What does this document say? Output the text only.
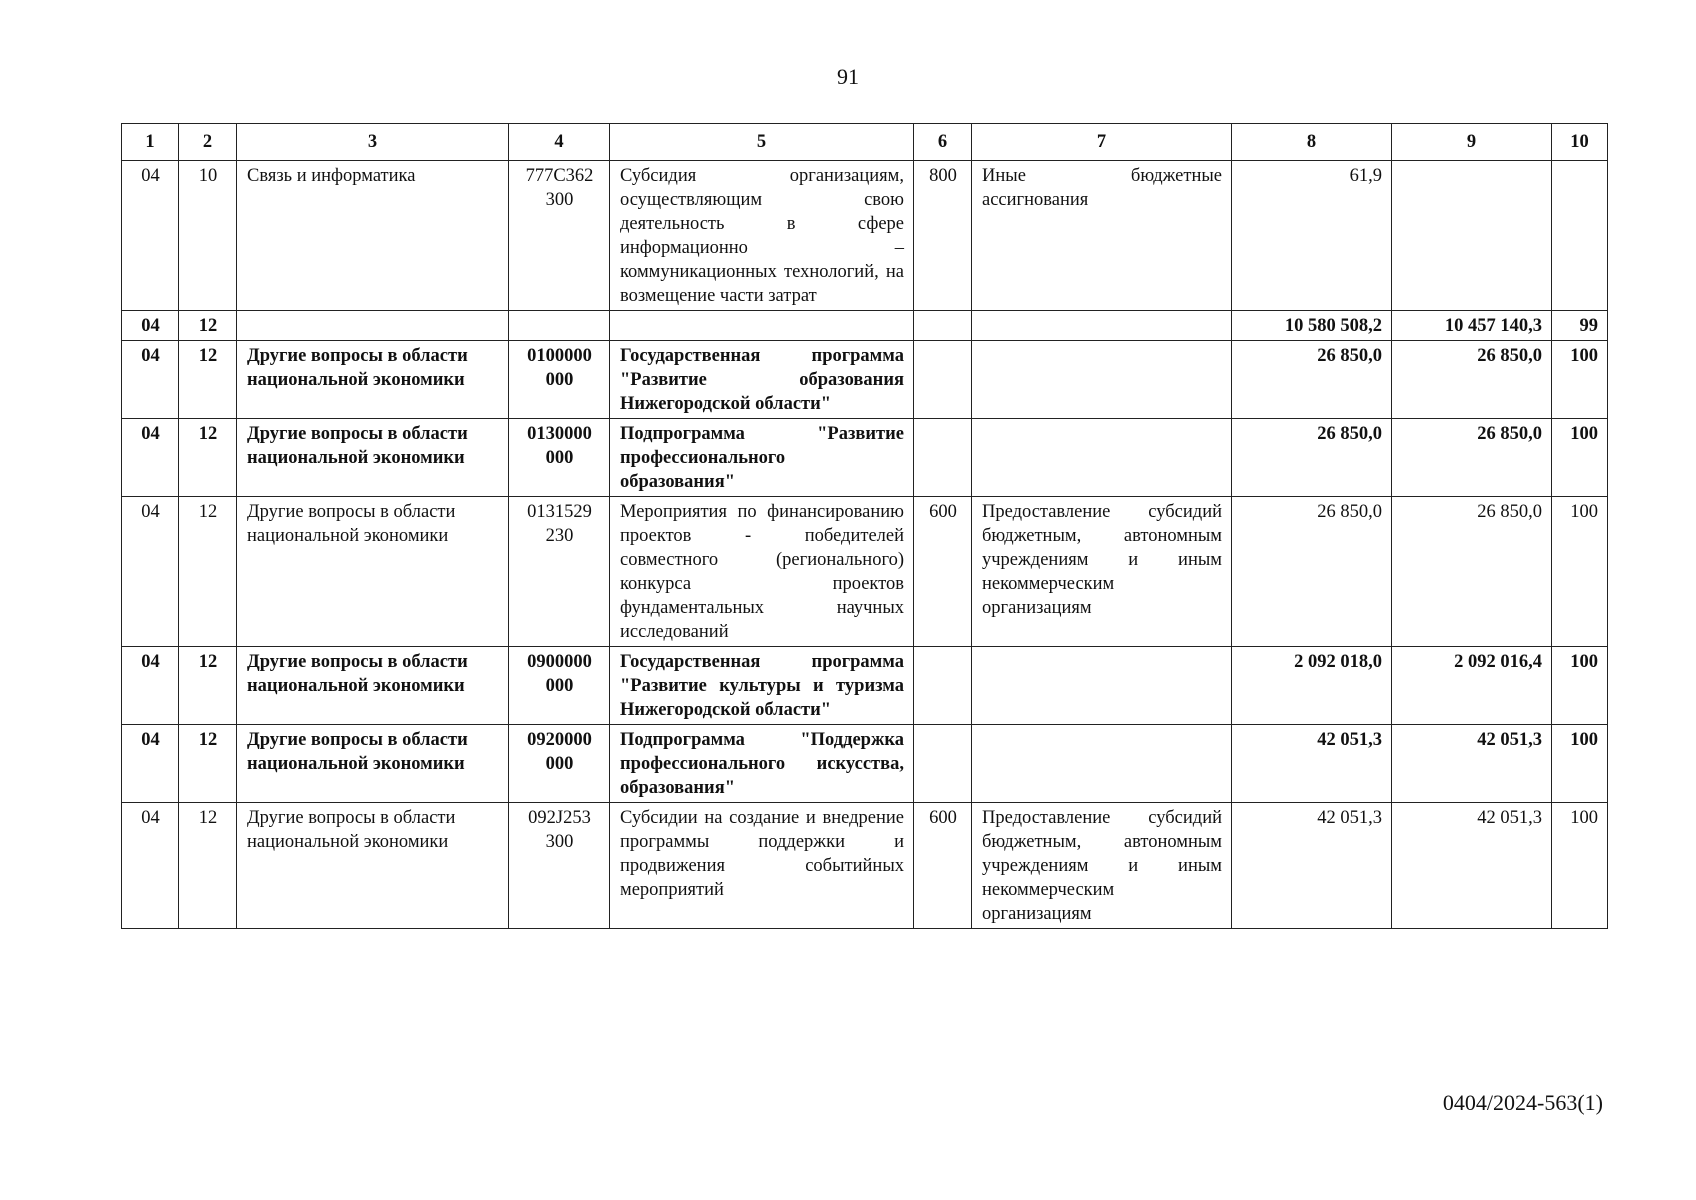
91
1	2	3	4	5	6	7	8	9	10
04	10	Связь и информатика	777С362 300	Субсидия организациям, осуществляющим свою деятельность в сфере информационно – коммуникационных технологий, на возмещение части затрат	800	Иные бюджетные ассигнования	61,9		
04	12						10 580 508,2	10 457 140,3	99
04	12	Другие вопросы в области национальной экономики	0100000 000	Государственная программа "Развитие образования Нижегородской области"			26 850,0	26 850,0	100
04	12	Другие вопросы в области национальной экономики	0130000 000	Подпрограмма "Развитие профессионального образования"			26 850,0	26 850,0	100
04	12	Другие вопросы в области национальной экономики	0131529 230	Мероприятия по финансированию проектов - победителей совместного (регионального) конкурса проектов фундаментальных научных исследований	600	Предоставление субсидий бюджетным, автономным учреждениям и иным некоммерческим организациям	26 850,0	26 850,0	100
04	12	Другие вопросы в области национальной экономики	0900000 000	Государственная программа "Развитие культуры и туризма Нижегородской области"			2 092 018,0	2 092 016,4	100
04	12	Другие вопросы в области национальной экономики	0920000 000	Подпрограмма "Поддержка профессионального искусства, образования"			42 051,3	42 051,3	100
04	12	Другие вопросы в области национальной экономики	092J253 300	Субсидии на создание и внедрение программы поддержки и продвижения событийных мероприятий	600	Предоставление субсидий бюджетным, автономным учреждениям и иным некоммерческим организациям	42 051,3	42 051,3	100
0404/2024-563(1)
